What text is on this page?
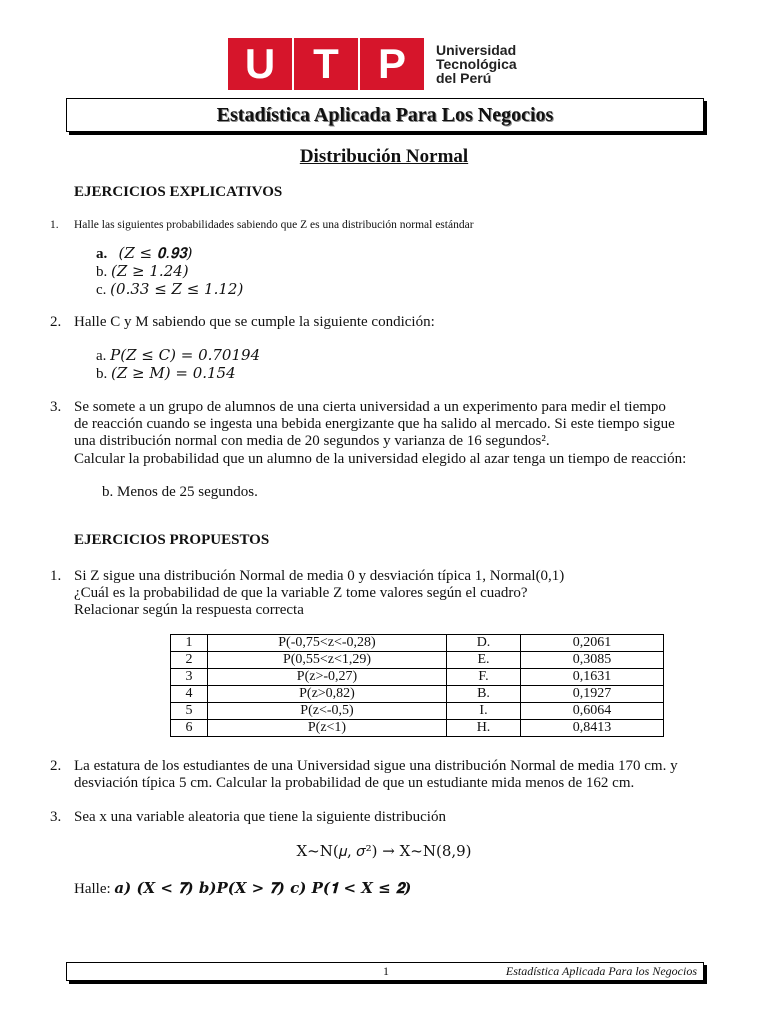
U T P	Universidad
Tecnológica
del Perú
Estadística Aplicada Para Los Negocios
Distribución Normal
EJERCICIOS EXPLICATIVOS
1. Halle las siguientes probabilidades sabiendo que Z es una distribución normal estándar
a. (𝑍 ≤ 𝟎.𝟗𝟑)
b. (𝑍 ≥ 1.24)
c. (0.33 ≤ 𝑍 ≤ 1.12)
2. Halle C y M sabiendo que se cumple la siguiente condición:
a. 𝑃(𝑍 ≤ 𝐶) = 0.70194
b. (𝑍 ≥ 𝑀) = 0.154
3. Se somete a un grupo de alumnos de una cierta universidad a un experimento para medir el tiempo
de reacción cuando se ingesta una bebida energizante que ha salido al mercado. Si este tiempo sigue
una distribución normal con media de 20 segundos y varianza de 16 segundos².
Calcular la probabilidad que un alumno de la universidad elegido al azar tenga un tiempo de reacción:
b. Menos de 25 segundos.
EJERCICIOS PROPUESTOS
1. Si Z sigue una distribución Normal de media 0 y desviación típica 1, Normal(0,1)
¿Cuál es la probabilidad de que la variable Z tome valores según el cuadro?
Relacionar según la respuesta correcta
1	P(-0,75<z<-0,28)	D.	0,2061
2	P(0,55<z<1,29)	E.	0,3085
3	P(z>-0,27)	F.	0,1631
4	P(z>0,82)	B.	0,1927
5	P(z<-0,5)	I.	0,6064
6	P(z<1)	H.	0,8413
2. La estatura de los estudiantes de una Universidad sigue una distribución Normal de media 170 cm. y
desviación típica 5 cm. Calcular la probabilidad de que un estudiante mida menos de 162 cm.
3. Sea x una variable aleatoria que tiene la siguiente distribución
X~N(𝜇, 𝜎²) → X~N(8,9)
Halle: 𝒂) (𝑿 < 𝟕) 𝒃)𝑷(𝑿 > 𝟕) 𝒄) 𝑷(𝟏 < 𝑿 ≤ 𝟐)
1	Estadística Aplicada Para los Negocios
